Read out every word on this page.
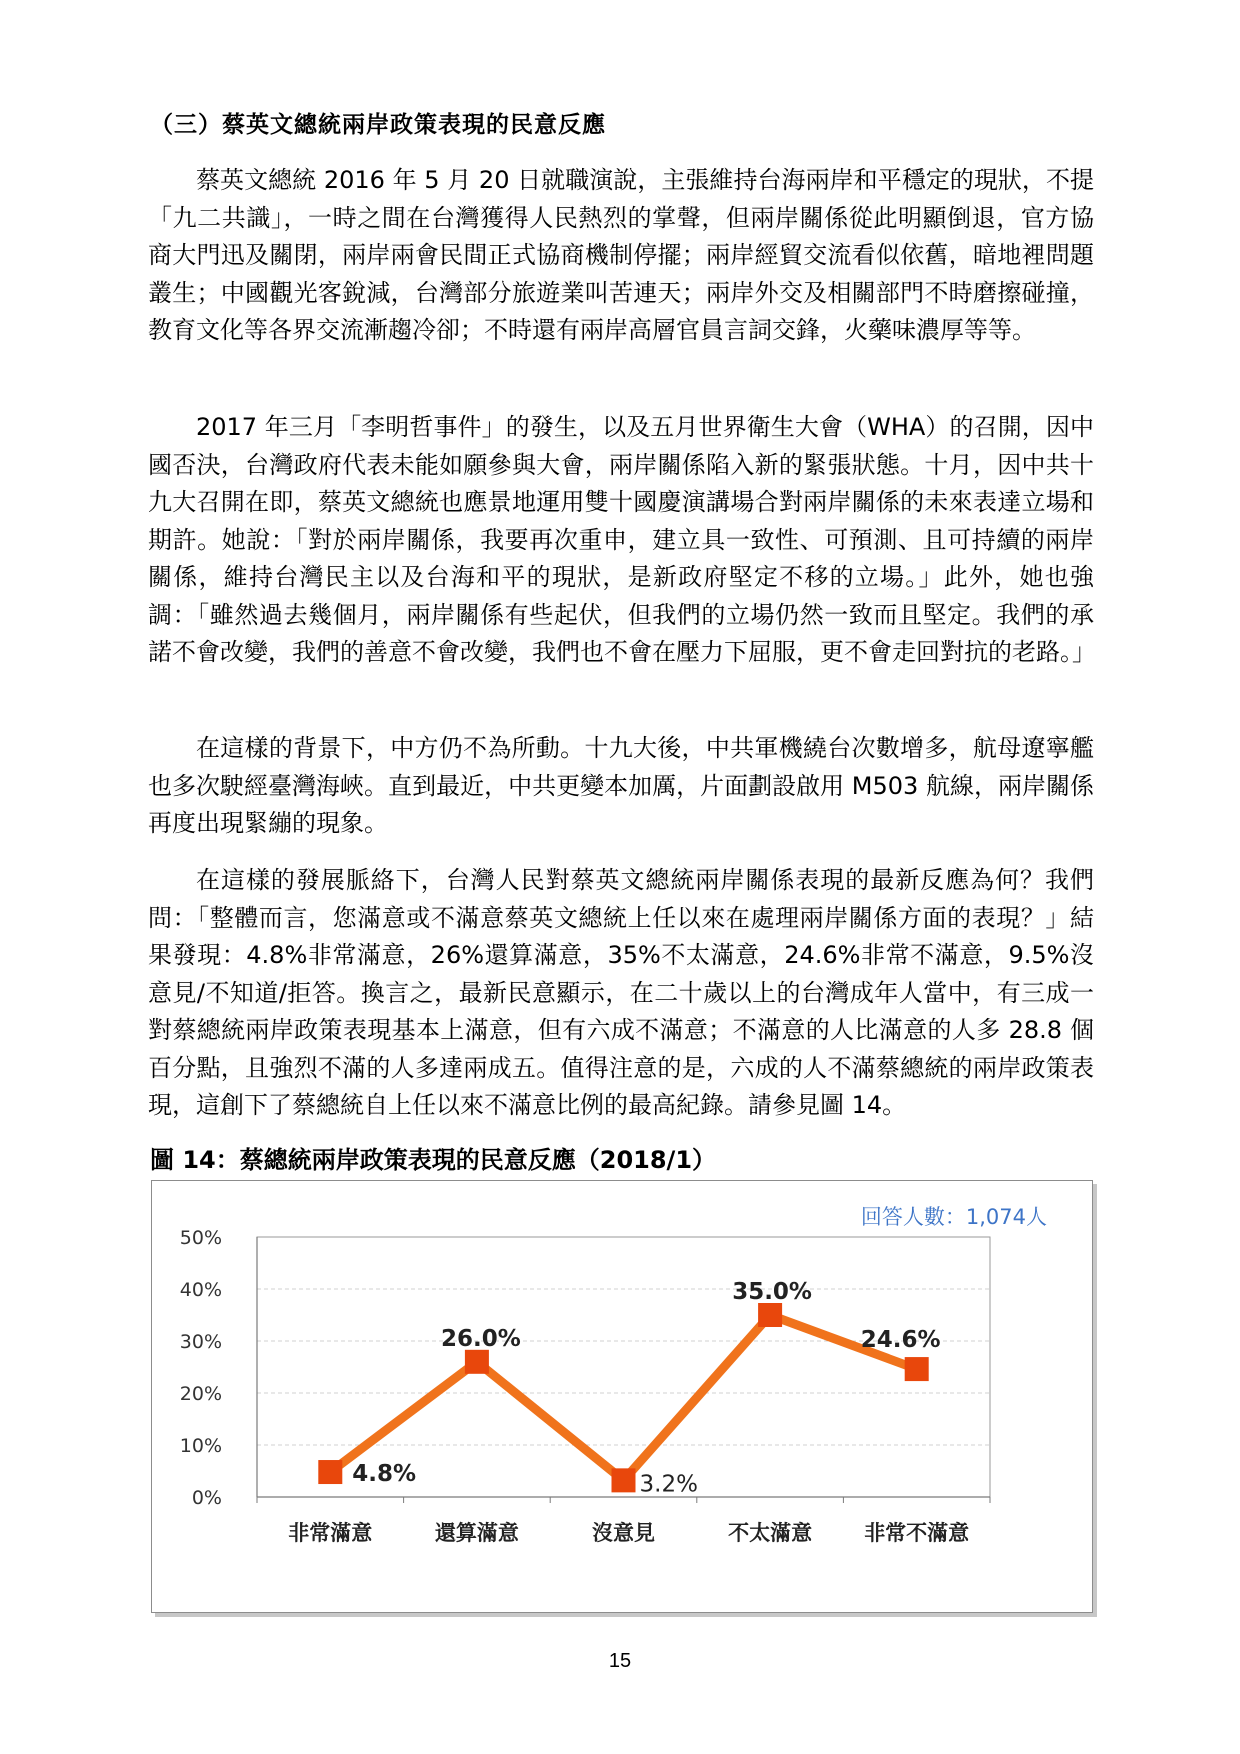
（三）蔡英文總統兩岸政策表現的民意反應

蔡英文總統 2016 年 5 月 20 日就職演說，主張維持台海兩岸和平穩定的現狀，不提「九二共識」，一時之間在台灣獲得人民熱烈的掌聲，但兩岸關係從此明顯倒退，官方協商大門迅及關閉，兩岸兩會民間正式協商機制停擺；兩岸經貿交流看似依舊，暗地裡問題叢生；中國觀光客銳減，台灣部分旅遊業叫苦連天；兩岸外交及相關部門不時磨擦碰撞，教育文化等各界交流漸趨冷卻；不時還有兩岸高層官員言詞交鋒，火藥味濃厚等等。

2017 年三月「李明哲事件」的發生，以及五月世界衛生大會（WHA）的召開，因中國否決，台灣政府代表未能如願參與大會，兩岸關係陷入新的緊張狀態。十月，因中共十九大召開在即，蔡英文總統也應景地運用雙十國慶演講場合對兩岸關係的未來表達立場和期許。她說：「對於兩岸關係，我要再次重申，建立具一致性、可預測、且可持續的兩岸關係，維持台灣民主以及台海和平的現狀，是新政府堅定不移的立場。」此外，她也強調：「雖然過去幾個月，兩岸關係有些起伏，但我們的立場仍然一致而且堅定。我們的承諾不會改變，我們的善意不會改變，我們也不會在壓力下屈服，更不會走回對抗的老路。」

在這樣的背景下，中方仍不為所動。十九大後，中共軍機繞台次數增多，航母遼寧艦也多次駛經臺灣海峽。直到最近，中共更變本加厲，片面劃設啟用 M503 航線，兩岸關係再度出現緊繃的現象。

在這樣的發展脈絡下，台灣人民對蔡英文總統兩岸關係表現的最新反應為何？我們問：「整體而言，您滿意或不滿意蔡英文總統上任以來在處理兩岸關係方面的表現？」結果發現：4.8%非常滿意，26%還算滿意，35%不太滿意，24.6%非常不滿意，9.5%沒意見/不知道/拒答。換言之，最新民意顯示，在二十歲以上的台灣成年人當中，有三成一對蔡總統兩岸政策表現基本上滿意，但有六成不滿意；不滿意的人比滿意的人多 28.8 個百分點，且強烈不滿的人多達兩成五。值得注意的是，六成的人不滿蔡總統的兩岸政策表現，這創下了蔡總統自上任以來不滿意比例的最高紀錄。請參見圖 14。

圖 14：蔡總統兩岸政策表現的民意反應（2018/1）

0%
10%
20%
30%
40%
50%
非常滿意	還算滿意	沒意見	不太滿意 非常不滿意
4.8%
26.0%
3.2%
35.0%
24.6%
回答人數：1,074人

15
